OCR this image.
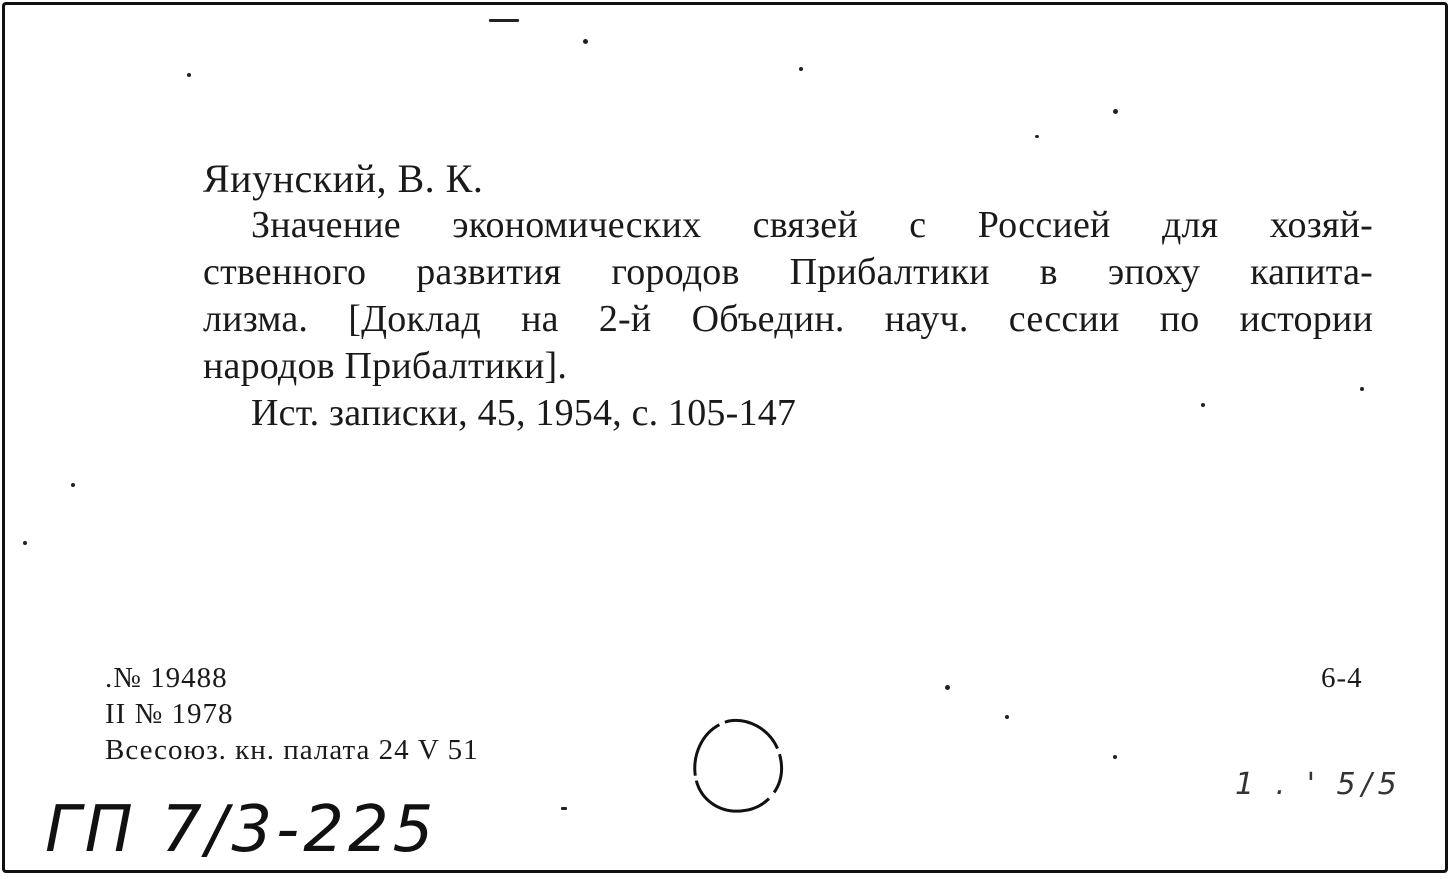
Яиунский, В. К.
Значение экономических связей с Россией для хозяй-
ственного развития городов Прибалтики в эпоху капита-
лизма. [Доклад на 2-й Объедин. науч. сессии по истории
народов Прибалтики].
Ист. записки, 45, 1954, с. 105-147
.№ 19488
II № 1978
Всесоюз. кн. палата 24 V 51
6-4
ГП 7/3-225
1 . ' 5/5
